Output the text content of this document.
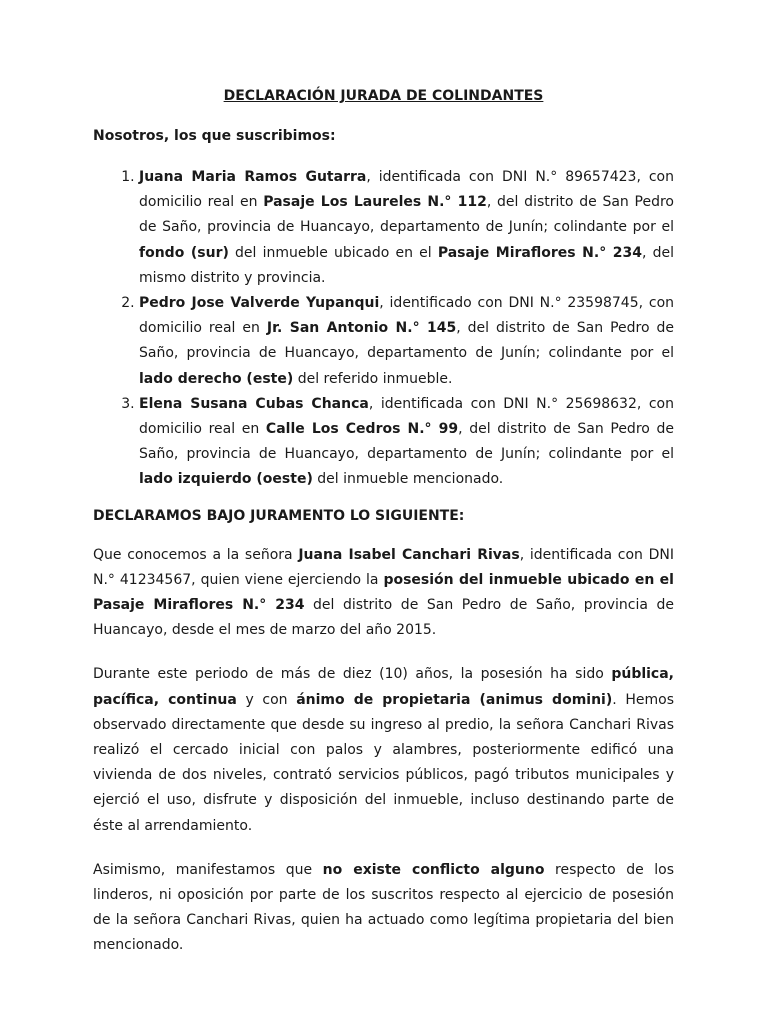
DECLARACIÓN JURADA DE COLINDANTES

Nosotros, los que suscribimos:
1. Juana Maria Ramos Gutarra, identificada con DNI N.° 89657423, con domicilio real en Pasaje Los Laureles N.° 112, del distrito de San Pedro de Saño, provincia de Huancayo, departamento de Junín; colindante por el fondo (sur) del inmueble ubicado en el Pasaje Miraflores N.° 234, del mismo distrito y provincia.
2. Pedro Jose Valverde Yupanqui, identificado con DNI N.° 23598745, con domicilio real en Jr. San Antonio N.° 145, del distrito de San Pedro de Saño, provincia de Huancayo, departamento de Junín; colindante por el lado derecho (este) del referido inmueble.
3. Elena Susana Cubas Chanca, identificada con DNI N.° 25698632, con domicilio real en Calle Los Cedros N.° 99, del distrito de San Pedro de Saño, provincia de Huancayo, departamento de Junín; colindante por el lado izquierdo (oeste) del inmueble mencionado.
DECLARAMOS BAJO JURAMENTO LO SIGUIENTE:

Que conocemos a la señora Juana Isabel Canchari Rivas, identificada con DNI N.° 41234567, quien viene ejerciendo la posesión del inmueble ubicado en el Pasaje Miraflores N.° 234 del distrito de San Pedro de Saño, provincia de Huancayo, desde el mes de marzo del año 2015.

Durante este periodo de más de diez (10) años, la posesión ha sido pública, pacífica, continua y con ánimo de propietaria (animus domini). Hemos observado directamente que desde su ingreso al predio, la señora Canchari Rivas realizó el cercado inicial con palos y alambres, posteriormente edificó una vivienda de dos niveles, contrató servicios públicos, pagó tributos municipales y ejerció el uso, disfrute y disposición del inmueble, incluso destinando parte de éste al arrendamiento.

Asimismo, manifestamos que no existe conflicto alguno respecto de los linderos, ni oposición por parte de los suscritos respecto al ejercicio de posesión de la señora Canchari Rivas, quien ha actuado como legítima propietaria del bien mencionado.
